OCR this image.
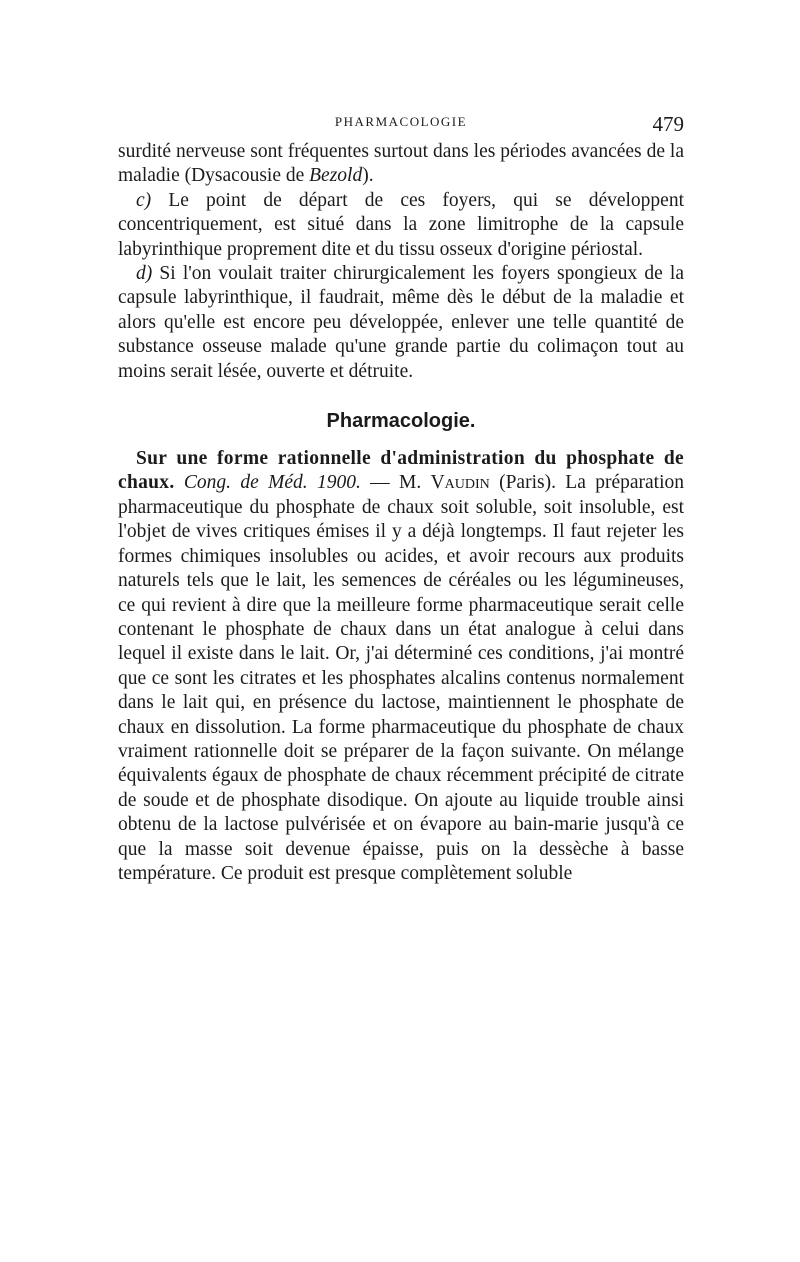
PHARMACOLOGIE	479

surdité nerveuse sont fréquentes surtout dans les périodes avancées de la maladie (Dysacousie de Bezold).

c) Le point de départ de ces foyers, qui se développent concentriquement, est situé dans la zone limitrophe de la capsule labyrinthique proprement dite et du tissu osseux d'origine périostal.

d) Si l'on voulait traiter chirurgicalement les foyers spongieux de la capsule labyrinthique, il faudrait, même dès le début de la maladie et alors qu'elle est encore peu développée, enlever une telle quantité de substance osseuse malade qu'une grande partie du colimaçon tout au moins serait lésée, ouverte et détruite.

Pharmacologie.

Sur une forme rationnelle d'administration du phosphate de chaux. Cong. de Méd. 1900. — M. Vaudin (Paris). La préparation pharmaceutique du phosphate de chaux soit soluble, soit insoluble, est l'objet de vives critiques émises il y a déjà longtemps. Il faut rejeter les formes chimiques insolubles ou acides, et avoir recours aux produits naturels tels que le lait, les semences de céréales ou les légumineuses, ce qui revient à dire que la meilleure forme pharmaceutique serait celle contenant le phosphate de chaux dans un état analogue à celui dans lequel il existe dans le lait. Or, j'ai déterminé ces conditions, j'ai montré que ce sont les citrates et les phosphates alcalins contenus normalement dans le lait qui, en présence du lactose, maintiennent le phosphate de chaux en dissolution. La forme pharmaceutique du phosphate de chaux vraiment rationnelle doit se préparer de la façon suivante. On mélange équivalents égaux de phosphate de chaux récemment précipité de citrate de soude et de phosphate disodique. On ajoute au liquide trouble ainsi obtenu de la lactose pulvérisée et on évapore au bain-marie jusqu'à ce que la masse soit devenue épaisse, puis on la dessèche à basse température. Ce produit est presque complètement soluble
